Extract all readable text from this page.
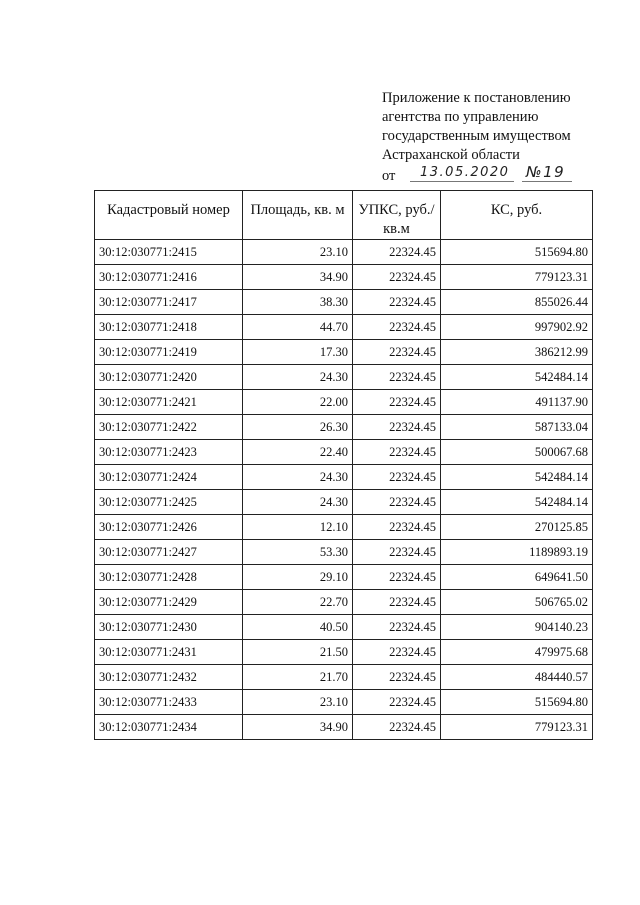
Приложение к постановлению
агентства по управлению
государственным имуществом
Астраханской области
от 13.05.2020 №19
Кадастровый номер	Площадь, кв. м	УПКС, руб./кв.м	КС, руб.
30:12:030771:2415	23.10	22324.45	515694.80
30:12:030771:2416	34.90	22324.45	779123.31
30:12:030771:2417	38.30	22324.45	855026.44
30:12:030771:2418	44.70	22324.45	997902.92
30:12:030771:2419	17.30	22324.45	386212.99
30:12:030771:2420	24.30	22324.45	542484.14
30:12:030771:2421	22.00	22324.45	491137.90
30:12:030771:2422	26.30	22324.45	587133.04
30:12:030771:2423	22.40	22324.45	500067.68
30:12:030771:2424	24.30	22324.45	542484.14
30:12:030771:2425	24.30	22324.45	542484.14
30:12:030771:2426	12.10	22324.45	270125.85
30:12:030771:2427	53.30	22324.45	1189893.19
30:12:030771:2428	29.10	22324.45	649641.50
30:12:030771:2429	22.70	22324.45	506765.02
30:12:030771:2430	40.50	22324.45	904140.23
30:12:030771:2431	21.50	22324.45	479975.68
30:12:030771:2432	21.70	22324.45	484440.57
30:12:030771:2433	23.10	22324.45	515694.80
30:12:030771:2434	34.90	22324.45	779123.31
